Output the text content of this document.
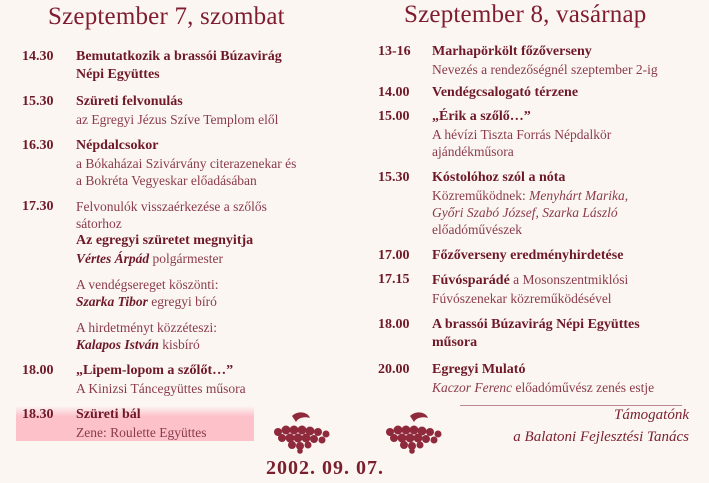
Szeptember 7, szombat
14.30	Bemutatkozik a brassói Búzavirág
Népi Együttes
15.30	Szüreti felvonulás
az Egregyi Jézus Szíve Templom elől
16.30	Népdalcsokor
a Bókaházai Szivárvány citerazenekar és
a Bokréta Vegyeskar előadásában
17.30	Felvonulók visszaérkezése a szőlős
sátorhoz
Az egregyi szüretet megnyitja
Vértes Árpád polgármester
A vendégsereget köszönti:
Szarka Tibor egregyi bíró
A hirdetményt közzéteszi:
Kalapos István kisbíró
18.00	„Lipem-lopom a szőlőt…”
A Kinizsi Táncegyüttes műsora
18.30	Szüreti bál
Zene: Roulette Együttes
Szeptember 8, vasárnap
13-16	Marhapörkölt főzőverseny
Nevezés a rendezőségnél szeptember 2-ig
14.00	Vendégcsalogató térzene
15.00	„Érik a szőlő…”
A hévízi Tiszta Forrás Népdalkör
ajándékműsora
15.30	Kóstolóhoz szól a nóta
Közreműködnek: Menyhárt Marika,
Győri Szabó József, Szarka László
előadóművészek
17.00	Főzőverseny eredményhirdetése
17.15	Fúvósparádé a Mosonszentmiklósi
Fúvószenekar közreműködésével
18.00	A brassói Búzavirág Népi Együttes
műsora
20.00	Egregyi Mulató
Kaczor Ferenc előadóművész zenés estje
Támogatónk
a Balatoni Fejlesztési Tanács
2002. 09. 07.
